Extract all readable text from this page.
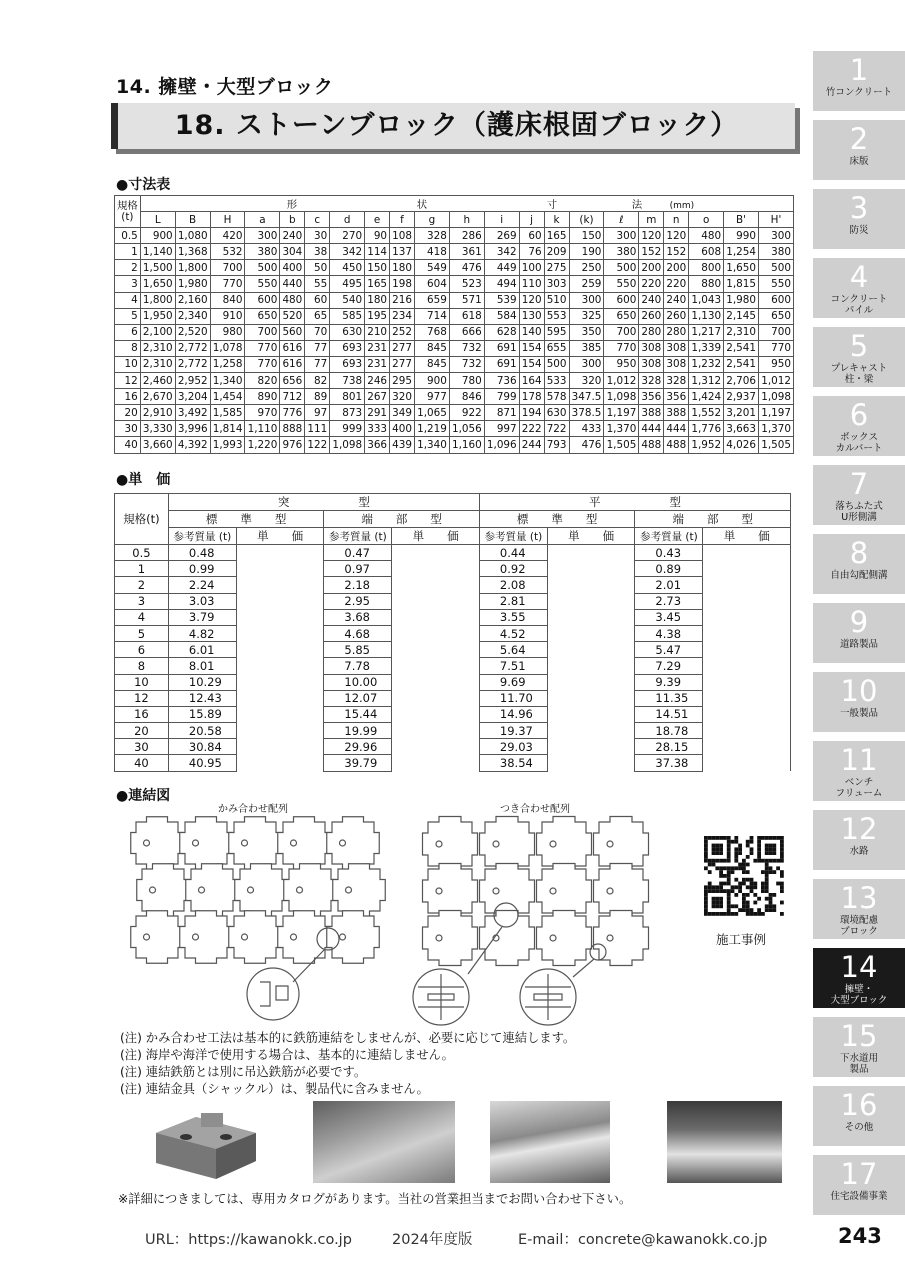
14. 擁壁・大型ブロック
18. ストーンブロック（護床根固ブロック）
●寸法表
規格
(t)	形 状 寸 法 (mm)																				
	L	B	H	a	b	c	d	e	f	g	h	i	j	k	(k)	ℓ	m	n	o	B'	H'
0.5	900	1,080	420	300	240	30	270	90	108	328	286	269	60	165	150	300	120	120	480	990	300
1	1,140	1,368	532	380	304	38	342	114	137	418	361	342	76	209	190	380	152	152	608	1,254	380
2	1,500	1,800	700	500	400	50	450	150	180	549	476	449	100	275	250	500	200	200	800	1,650	500
3	1,650	1,980	770	550	440	55	495	165	198	604	523	494	110	303	259	550	220	220	880	1,815	550
4	1,800	2,160	840	600	480	60	540	180	216	659	571	539	120	510	300	600	240	240	1,043	1,980	600
5	1,950	2,340	910	650	520	65	585	195	234	714	618	584	130	553	325	650	260	260	1,130	2,145	650
6	2,100	2,520	980	700	560	70	630	210	252	768	666	628	140	595	350	700	280	280	1,217	2,310	700
8	2,310	2,772	1,078	770	616	77	693	231	277	845	732	691	154	655	385	770	308	308	1,339	2,541	770
10	2,310	2,772	1,258	770	616	77	693	231	277	845	732	691	154	500	300	950	308	308	1,232	2,541	950
12	2,460	2,952	1,340	820	656	82	738	246	295	900	780	736	164	533	320	1,012	328	328	1,312	2,706	1,012
16	2,670	3,204	1,454	890	712	89	801	267	320	977	846	799	178	578	347.5	1,098	356	356	1,424	2,937	1,098
20	2,910	3,492	1,585	970	776	97	873	291	349	1,065	922	871	194	630	378.5	1,197	388	388	1,552	3,201	1,197
30	3,330	3,996	1,814	1,110	888	111	999	333	400	1,219	1,056	997	222	722	433	1,370	444	444	1,776	3,663	1,370
40	3,660	4,392	1,993	1,220	976	122	1,098	366	439	1,340	1,160	1,096	244	793	476	1,505	488	488	1,952	4,026	1,505
●単　価
規格(t)	突　　　　　　型				平　　　　　　型			
	標　　準　　型		端　　部　　型		標　　準　　型		端　　部　　型	
	参考質量 (t)	単　　価	参考質量 (t)	単　　価	参考質量 (t)	単　　価	参考質量 (t)	単　　価
0.5	0.48		0.47		0.44		0.43	
1	0.99		0.97		0.92		0.89	
2	2.24		2.18		2.08		2.01	
3	3.03		2.95		2.81		2.73	
4	3.79		3.68		3.55		3.45	
5	4.82		4.68		4.52		4.38	
6	6.01		5.85		5.64		5.47	
8	8.01		7.78		7.51		7.29	
10	10.29		10.00		9.69		9.39	
12	12.43		12.07		11.70		11.35	
16	15.89		15.44		14.96		14.51	
20	20.58		19.99		19.37		18.78	
30	30.84		29.96		29.03		28.15	
40	40.95		39.79		38.54		37.38	
●連結図
かみ合わせ配列	つき合わせ配列
施工事例
(注) かみ合わせ工法は基本的に鉄筋連結をしませんが、必要に応じて連結します。
(注) 海岸や海洋で使用する場合は、基本的に連結しません。
(注) 連結鉄筋とは別に吊込鉄筋が必要です。
(注) 連結金具（シャックル）は、製品代に含みません。
※詳細につきましては、専用カタログがあります。当社の営業担当までお問い合わせ下さい。
URL：https://kawanokk.co.jp	2024年度版	E-mail：concrete@kawanokk.co.jp	243
1
竹コンクリート
2
床版
3
防災
4
コンクリート
パイル
5
プレキャスト
柱・梁
6
ボックス
カルバート
7
落ちふた式
U形側溝
8
自由勾配側溝
9
道路製品
10
一般製品
11
ベンチ
フリューム
12
水路
13
環境配慮
ブロック
14
擁壁・
大型ブロック
15
下水道用
製品
16
その他
17
住宅設備事業
